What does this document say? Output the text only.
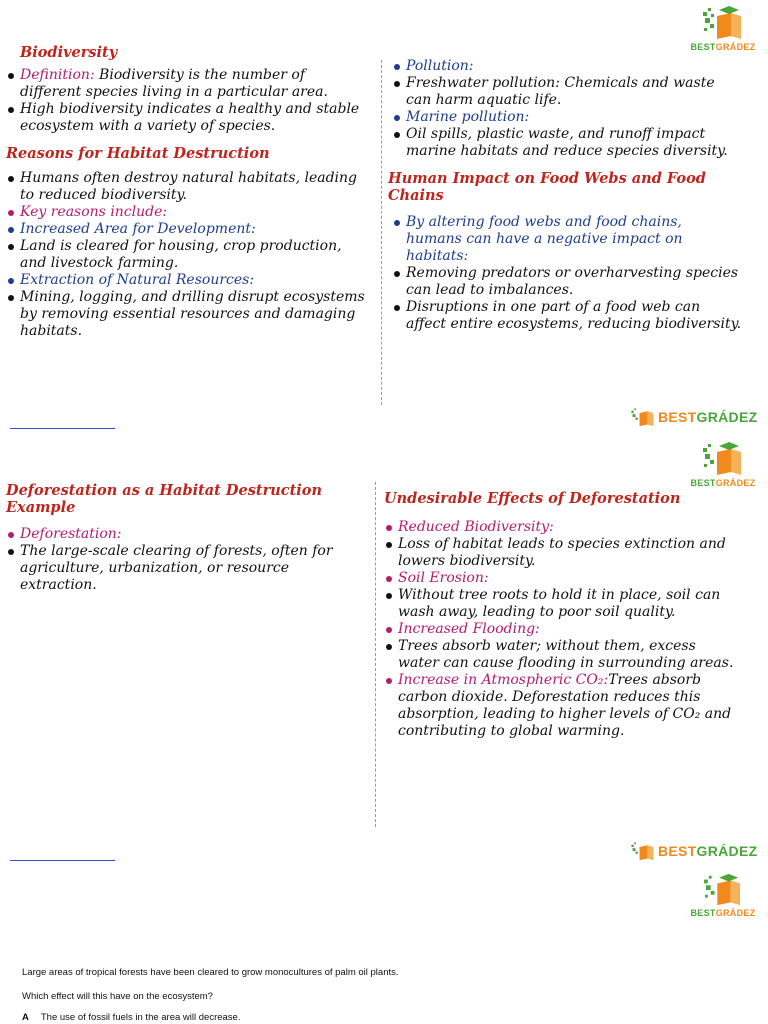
BESTGRÁDEZ
Biodiversity
Definition: Biodiversity is the number of different species living in a particular area.
High biodiversity indicates a healthy and stable ecosystem with a variety of species.
Reasons for Habitat Destruction
Humans often destroy natural habitats, leading to reduced biodiversity.
Key reasons include:
Increased Area for Development:
Land is cleared for housing, crop production, and livestock farming.
Extraction of Natural Resources:
Mining, logging, and drilling disrupt ecosystems by removing essential resources and damaging habitats.
Pollution:
Freshwater pollution: Chemicals and waste can harm aquatic life.
Marine pollution:
Oil spills, plastic waste, and runoff impact marine habitats and reduce species diversity.
Human Impact on Food Webs and Food Chains
By altering food webs and food chains, humans can have a negative impact on habitats:
Removing predators or overharvesting species can lead to imbalances.
Disruptions in one part of a food web can affect entire ecosystems, reducing biodiversity.
BESTGRÁDEZ
BESTGRÁDEZ
Deforestation as a Habitat Destruction Example
Deforestation:
The large-scale clearing of forests, often for agriculture, urbanization, or resource extraction.
Undesirable Effects of Deforestation
Reduced Biodiversity:
Loss of habitat leads to species extinction and lowers biodiversity.
Soil Erosion:
Without tree roots to hold it in place, soil can wash away, leading to poor soil quality.
Increased Flooding:
Trees absorb water; without them, excess water can cause flooding in surrounding areas.
Increase in Atmospheric CO₂:Trees absorb carbon dioxide. Deforestation reduces this absorption, leading to higher levels of CO₂ and contributing to global warming.
BESTGRÁDEZ
BESTGRÁDEZ
Large areas of tropical forests have been cleared to grow monocultures of palm oil plants.
Which effect will this have on the ecosystem?
A The use of fossil fuels in the area will decrease.
